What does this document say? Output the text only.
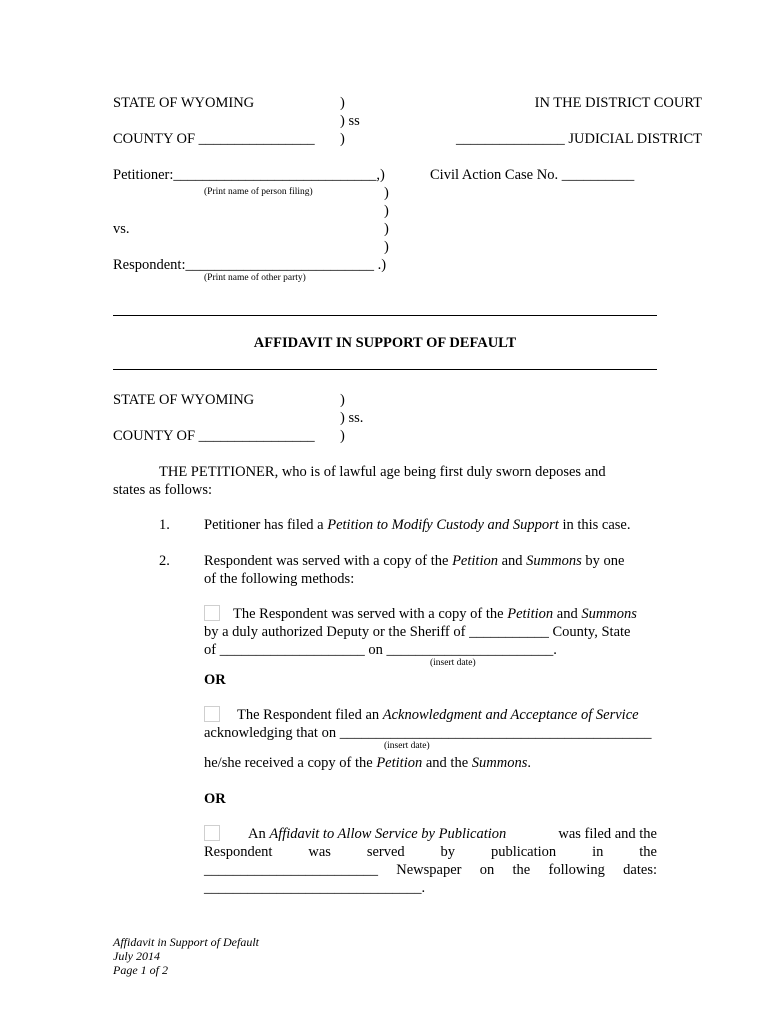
STATE OF WYOMING	)
) ss
COUNTY OF ________________ )
IN THE DISTRICT COURT
_______________ JUDICIAL DISTRICT
Petitioner:____________________________,)
(Print name of person filing)
Civil Action Case No. __________
)
)
vs.	)
)
Respondent:__________________________ .)
(Print name of other party)
AFFIDAVIT IN SUPPORT OF DEFAULT
STATE OF WYOMING	)
) ss.
COUNTY OF ________________ )
THE PETITIONER, who is of lawful age being first duly sworn deposes and
states as follows:
1. Petitioner has filed a Petition to Modify Custody and Support in this case.
2. Respondent was served with a copy of the Petition and Summons by one
of the following methods:
The Respondent was served with a copy of the Petition and Summons
by a duly authorized Deputy or the Sheriff of ___________ County, State
of ____________________ on _______________________.
(insert date)
OR
The Respondent filed an Acknowledgment and Acceptance of Service
acknowledging that on ___________________________________________
(insert date)
he/she received a copy of the Petition and the Summons.
OR
An Affidavit to Allow Service by Publication	was filed and the
Respondent was served by publication in the
________________________ Newspaper on the following dates:
______________________________.
Affidavit in Support of Default
July 2014
Page 1 of 2
